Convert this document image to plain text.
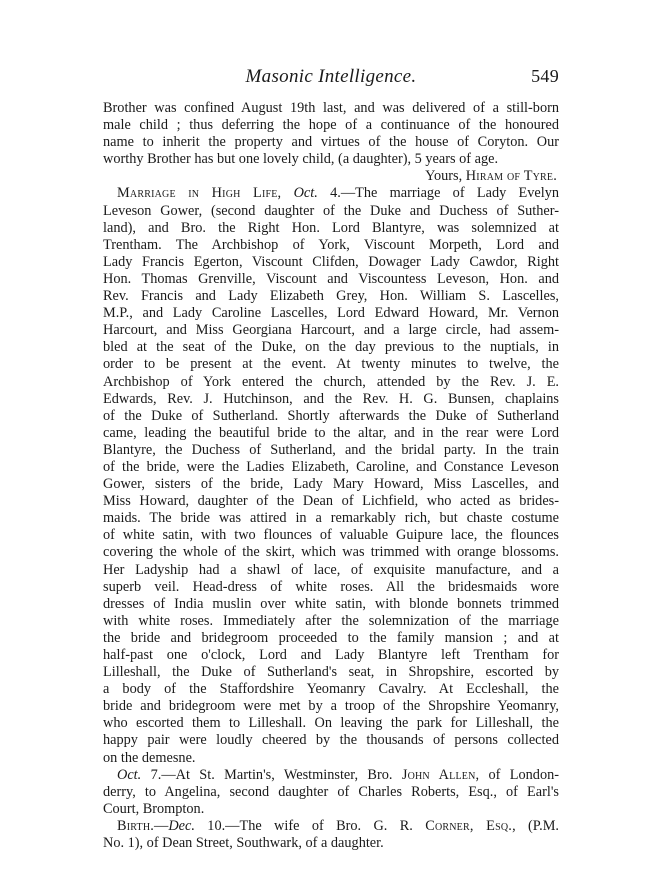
Masonic Intelligence.	549
Brother was confined August 19th last, and was delivered of a still-born
male child ; thus deferring the hope of a continuance of the honoured
name to inherit the property and virtues of the house of Coryton. Our
worthy Brother has but one lovely child, (a daughter), 5 years of age.
Yours, Hiram of Tyre.
Marriage in High Life, Oct. 4.—The marriage of Lady Evelyn
Leveson Gower, (second daughter of the Duke and Duchess of Suther-
land), and Bro. the Right Hon. Lord Blantyre, was solemnized at
Trentham. The Archbishop of York, Viscount Morpeth, Lord and
Lady Francis Egerton, Viscount Clifden, Dowager Lady Cawdor, Right
Hon. Thomas Grenville, Viscount and Viscountess Leveson, Hon. and
Rev. Francis and Lady Elizabeth Grey, Hon. William S. Lascelles,
M.P., and Lady Caroline Lascelles, Lord Edward Howard, Mr. Vernon
Harcourt, and Miss Georgiana Harcourt, and a large circle, had assem-
bled at the seat of the Duke, on the day previous to the nuptials, in
order to be present at the event. At twenty minutes to twelve, the
Archbishop of York entered the church, attended by the Rev. J. E.
Edwards, Rev. J. Hutchinson, and the Rev. H. G. Bunsen, chaplains
of the Duke of Sutherland. Shortly afterwards the Duke of Sutherland
came, leading the beautiful bride to the altar, and in the rear were Lord
Blantyre, the Duchess of Sutherland, and the bridal party. In the train
of the bride, were the Ladies Elizabeth, Caroline, and Constance Leveson
Gower, sisters of the bride, Lady Mary Howard, Miss Lascelles, and
Miss Howard, daughter of the Dean of Lichfield, who acted as brides-
maids. The bride was attired in a remarkably rich, but chaste costume
of white satin, with two flounces of valuable Guipure lace, the flounces
covering the whole of the skirt, which was trimmed with orange blossoms.
Her Ladyship had a shawl of lace, of exquisite manufacture, and a
superb veil. Head-dress of white roses. All the bridesmaids wore
dresses of India muslin over white satin, with blonde bonnets trimmed
with white roses. Immediately after the solemnization of the marriage
the bride and bridegroom proceeded to the family mansion ; and at
half-past one o'clock, Lord and Lady Blantyre left Trentham for
Lilleshall, the Duke of Sutherland's seat, in Shropshire, escorted by
a body of the Staffordshire Yeomanry Cavalry. At Eccleshall, the
bride and bridegroom were met by a troop of the Shropshire Yeomanry,
who escorted them to Lilleshall. On leaving the park for Lilleshall, the
happy pair were loudly cheered by the thousands of persons collected
on the demesne.
Oct. 7.—At St. Martin's, Westminster, Bro. John Allen, of London-
derry, to Angelina, second daughter of Charles Roberts, Esq., of Earl's
Court, Brompton.
Birth.—Dec. 10.—The wife of Bro. G. R. Corner, Esq., (P.M.
No. 1), of Dean Street, Southwark, of a daughter.
